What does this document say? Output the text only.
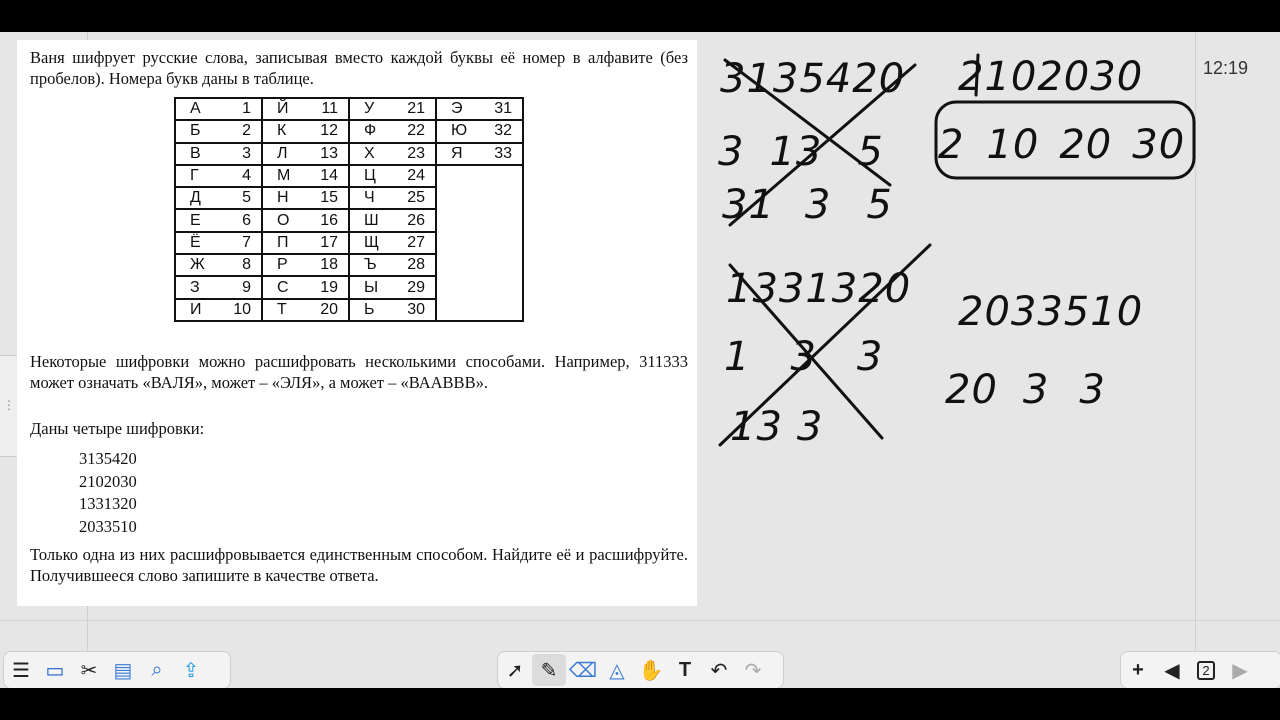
⋮
12:19

Ваня шифрует русские слова, записывая вместо каждой буквы её номер в алфавите (без пробелов). Номера букв даны в таблице.

А 1	Й 11	У 21	Э 31

Б 2	К 12	Ф 22	Ю 32

В 3	Л 13	Х 23	Я 33

Г 4	М 14	Ц 24	

Д 5	Н 15	Ч 25	

Е 6	О 16	Ш 26	

Ё 7	П 17	Щ 27	

Ж 8	Р 18	Ъ 28	

З 9	С 19	Ы 29	

И 10	Т 20	Ь 30	

Некоторые шифровки можно расшифровать несколькими способами. Например, 311333 может означать «ВАЛЯ», может – «ЭЛЯ», а может – «ВААВВВ».

Даны четыре шифровки:

3135420
2102030
1331320
2033510

Только одна из них расшифровывается единственным способом. Найдите её и расшифруйте. Получившееся слово запишите в качестве ответа.

3135420 2102030
3 13 5
31 3 5
2 10 20 30
1331320
1 3 3
13 3
2033510
20 3 3
☰ ▭ ✂ ▤ ⌕	⇪	➚ ✎ ⌫ ◬ ✋ T ↶ ↷	+	◀	2	▶
